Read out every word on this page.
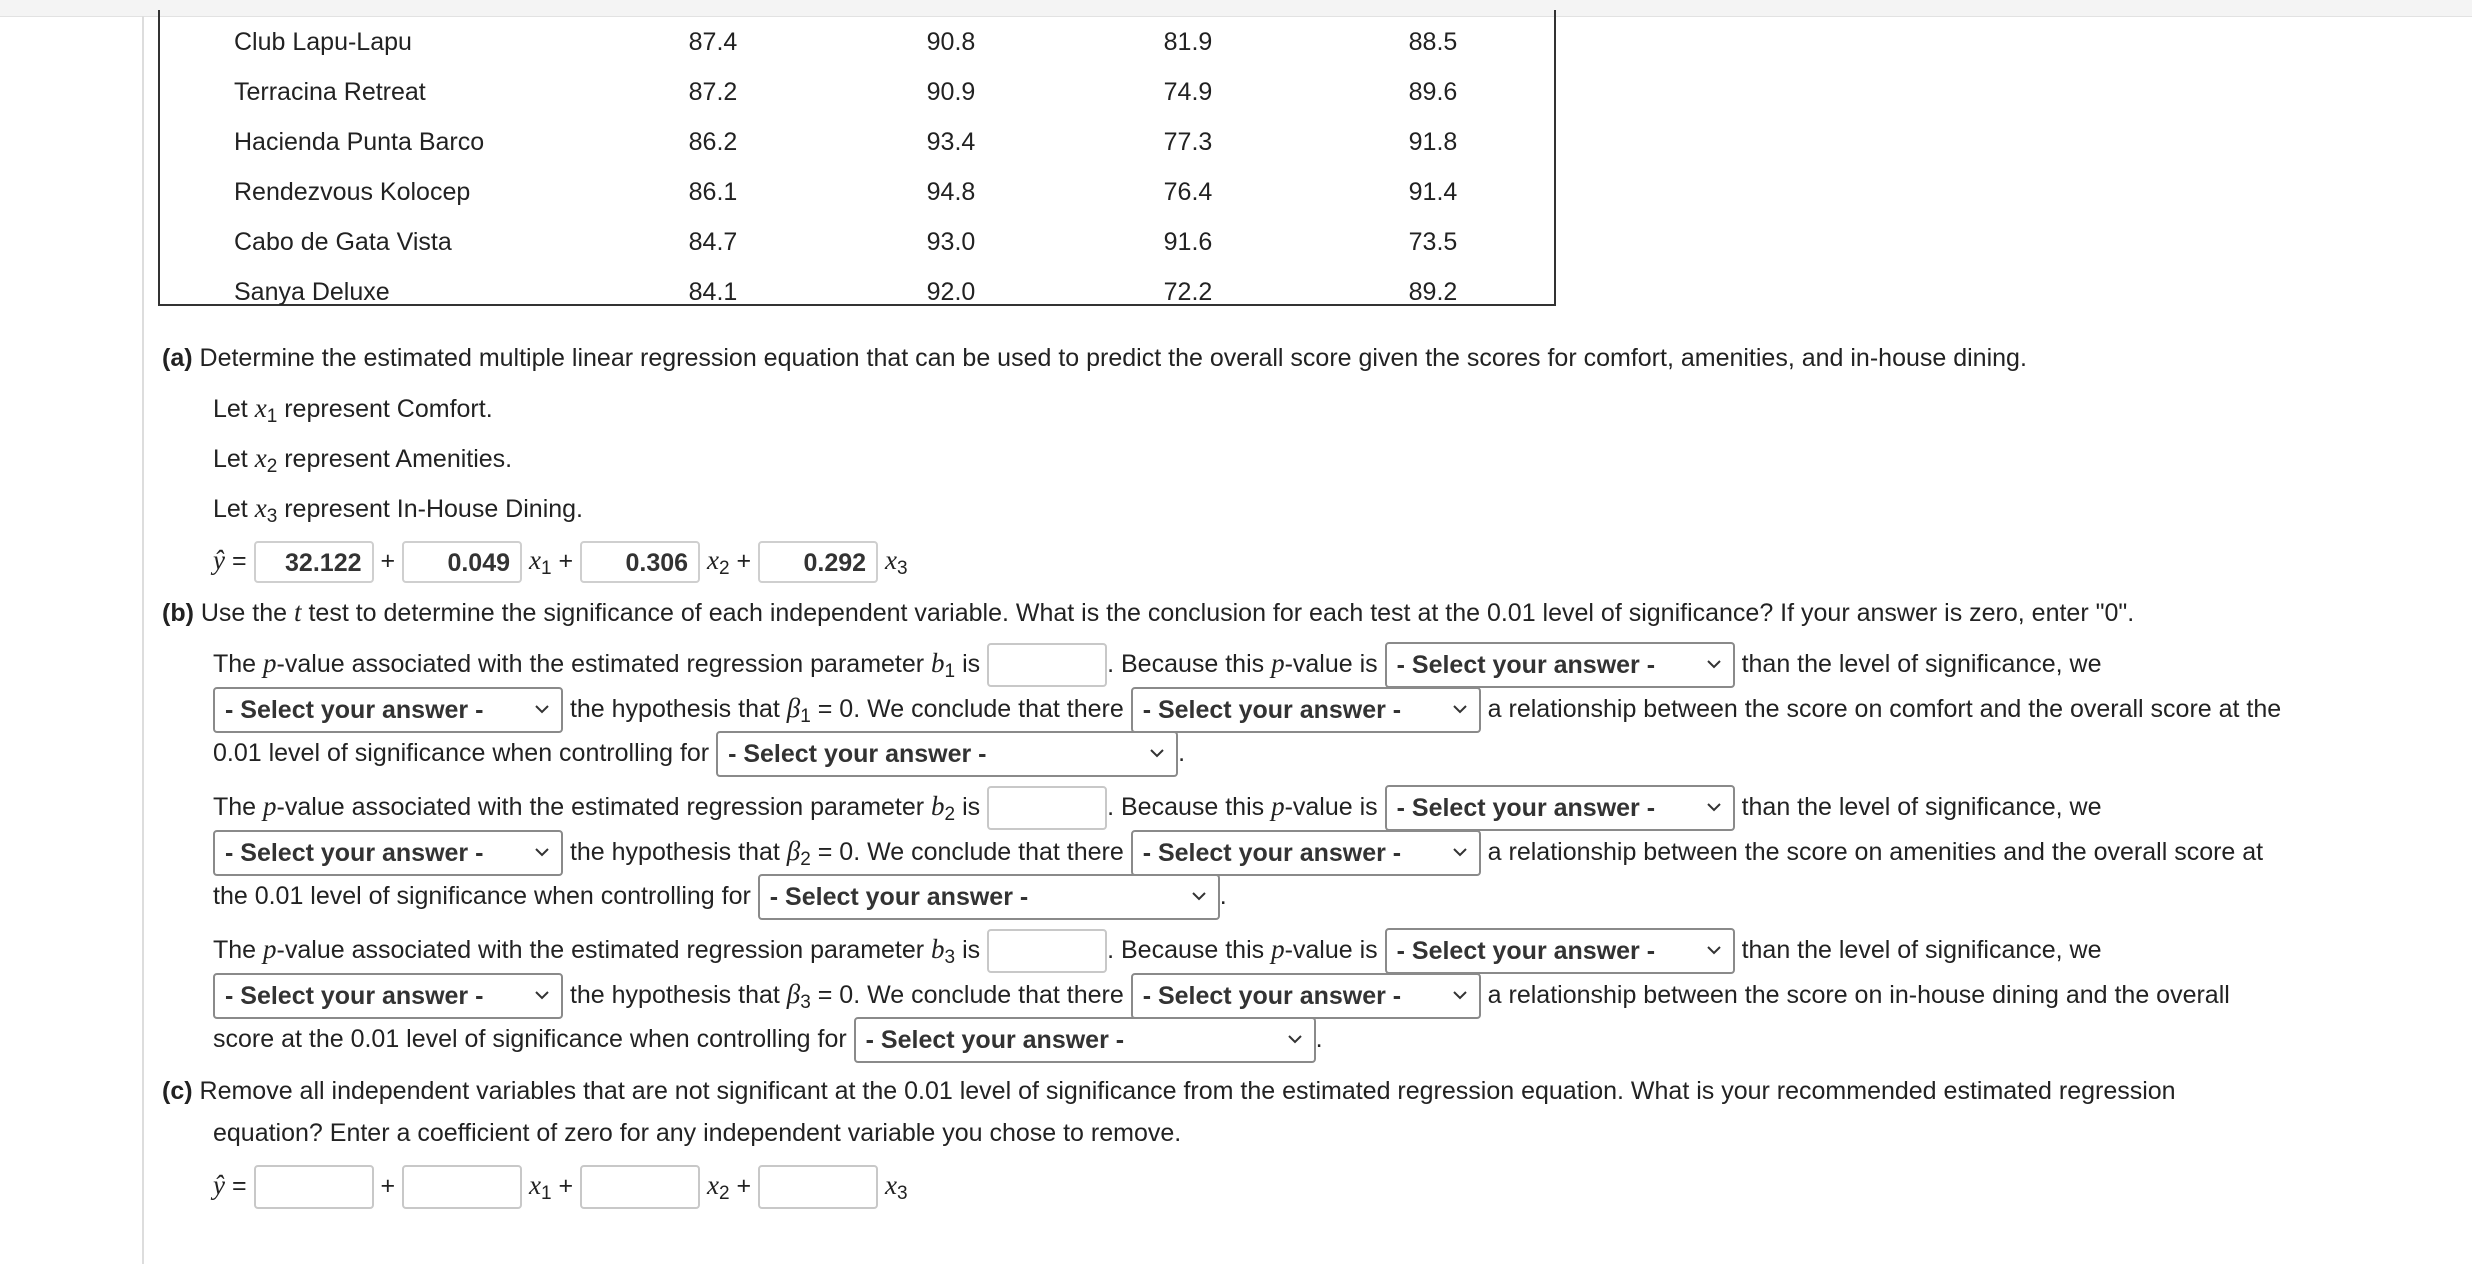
Club Lapu-Lapu	87.4	90.8	81.9	88.5
Terracina Retreat	87.2	90.9	74.9	89.6
Hacienda Punta Barco	86.2	93.4	77.3	91.8
Rendezvous Kolocep	86.1	94.8	76.4	91.4
Cabo de Gata Vista	84.7	93.0	91.6	73.5
Sanya Deluxe	84.1	92.0	72.2	89.2
(a) Determine the estimated multiple linear regression equation that can be used to predict the overall score given the scores for comfort, amenities, and in-house dining.
Let $x_1$ represent Comfort.
Let $x_2$ represent Amenities.
Let $x_3$ represent In-House Dining.
ŷ = 32.122 + 0.049 $x_1 + 0.306$ $x_2 + 0.292$ $x_3$
(b) Use the t test to determine the significance of each independent variable. What is the conclusion for each test at the 0.01 level of significance? If your answer is zero, enter "0".
The p-value associated with the estimated regression parameter $b_1$ is	. Because this p-value is - Select your answer -	than the level of significance, we
- Select your answer -	the hypothesis that $\beta_1 = 0$. We conclude that there - Select your answer -	a relationship between the score on comfort and the overall score at the
0.01 level of significance when controlling for - Select your answer -	.
The p-value associated with the estimated regression parameter $b_2$ is	. Because this p-value is - Select your answer -	than the level of significance, we
- Select your answer -	the hypothesis that $\beta_2 = 0$. We conclude that there - Select your answer -	a relationship between the score on amenities and the overall score at
the 0.01 level of significance when controlling for - Select your answer -	.
The p-value associated with the estimated regression parameter $b_3$ is	. Because this p-value is - Select your answer -	than the level of significance, we
- Select your answer -	the hypothesis that $\beta_3 = 0$. We conclude that there - Select your answer -	a relationship between the score on in-house dining and the overall
score at the 0.01 level of significance when controlling for - Select your answer -	.
(c) Remove all independent variables that are not significant at the 0.01 level of significance from the estimated regression equation. What is your recommended estimated regression
equation? Enter a coefficient of zero for any independent variable you chose to remove.
ŷ =	+	$x_1$ +	$x_2$ +	$x_3$
